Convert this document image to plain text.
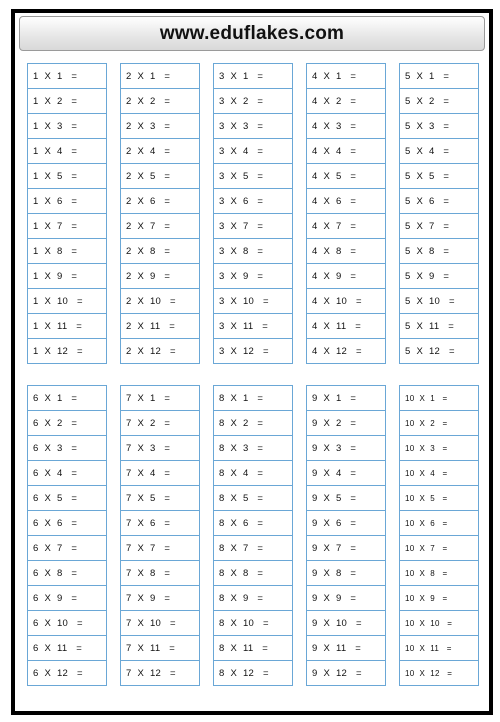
www.eduflakes.com
1  X  1   =
1  X  2   =
1  X  3   =
1  X  4   =
1  X  5   =
1  X  6   =
1  X  7   =
1  X  8   =
1  X  9   =
1  X  10   =
1  X  11   =
1  X  12   =
2  X  1   =
2  X  2   =
2  X  3   =
2  X  4   =
2  X  5   =
2  X  6   =
2  X  7   =
2  X  8   =
2  X  9   =
2  X  10   =
2  X  11   =
2  X  12   =
3  X  1   =
3  X  2   =
3  X  3   =
3  X  4   =
3  X  5   =
3  X  6   =
3  X  7   =
3  X  8   =
3  X  9   =
3  X  10   =
3  X  11   =
3  X  12   =
4  X  1   =
4  X  2   =
4  X  3   =
4  X  4   =
4  X  5   =
4  X  6   =
4  X  7   =
4  X  8   =
4  X  9   =
4  X  10   =
4  X  11   =
4  X  12   =
5  X  1   =
5  X  2   =
5  X  3   =
5  X  4   =
5  X  5   =
5  X  6   =
5  X  7   =
5  X  8   =
5  X  9   =
5  X  10   =
5  X  11   =
5  X  12   =
6  X  1   =
6  X  2   =
6  X  3   =
6  X  4   =
6  X  5   =
6  X  6   =
6  X  7   =
6  X  8   =
6  X  9   =
6  X  10   =
6  X  11   =
6  X  12   =
7  X  1   =
7  X  2   =
7  X  3   =
7  X  4   =
7  X  5   =
7  X  6   =
7  X  7   =
7  X  8   =
7  X  9   =
7  X  10   =
7  X  11   =
7  X  12   =
8  X  1   =
8  X  2   =
8  X  3   =
8  X  4   =
8  X  5   =
8  X  6   =
8  X  7   =
8  X  8   =
8  X  9   =
8  X  10   =
8  X  11   =
8  X  12   =
9  X  1   =
9  X  2   =
9  X  3   =
9  X  4   =
9  X  5   =
9  X  6   =
9  X  7   =
9  X  8   =
9  X  9   =
9  X  10   =
9  X  11   =
9  X  12   =
10  X  1   =
10  X  2   =
10  X  3   =
10  X  4   =
10  X  5   =
10  X  6   =
10  X  7   =
10  X  8   =
10  X  9   =
10  X  10   =
10  X  11   =
10  X  12   =
